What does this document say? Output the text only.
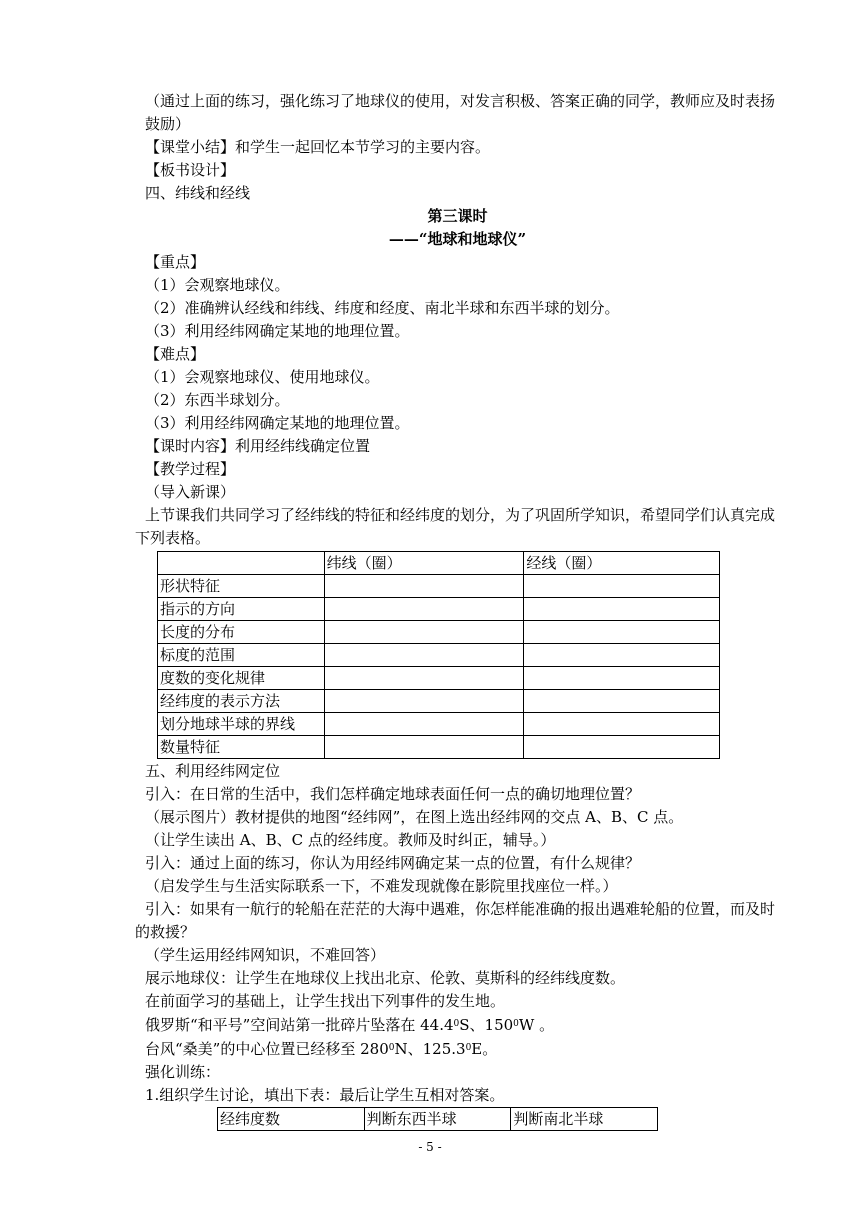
（通过上面的练习，强化练习了地球仪的使用，对发言积极、答案正确的同学，教师应及时表扬鼓励）

【课堂小结】和学生一起回忆本节学习的主要内容。

【板书设计】

四、纬线和经线

第三课时

——“地球和地球仪”

【重点】

（1）会观察地球仪。

（2）准确辨认经线和纬线、纬度和经度、南北半球和东西半球的划分。

（3）利用经纬网确定某地的地理位置。

【难点】

（1）会观察地球仪、使用地球仪。

（2）东西半球划分。

（3）利用经纬网确定某地的地理位置。

【课时内容】利用经纬线确定位置

【教学过程】

（导入新课）

上节课我们共同学习了经纬线的特征和经纬度的划分，为了巩固所学知识，希望同学们认真完成下列表格。

	纬线（圈）	经线（圈）
形状特征		
指示的方向		
长度的分布		
标度的范围		
度数的变化规律		
经纬度的表示方法		
划分地球半球的界线		
数量特征		

五、利用经纬网定位

引入：在日常的生活中，我们怎样确定地球表面任何一点的确切地理位置？

（展示图片）教材提供的地图“经纬网”，在图上选出经纬网的交点 A、B、C 点。

（让学生读出 A、B、C 点的经纬度。教师及时纠正，辅导。）

引入：通过上面的练习，你认为用经纬网确定某一点的位置，有什么规律？

（启发学生与生活实际联系一下，不难发现就像在影院里找座位一样。）

引入：如果有一航行的轮船在茫茫的大海中遇难，你怎样能准确的报出遇难轮船的位置，而及时的救援？

（学生运用经纬网知识，不难回答）

展示地球仪：让学生在地球仪上找出北京、伦敦、莫斯科的经纬线度数。

在前面学习的基础上，让学生找出下列事件的发生地。

俄罗斯“和平号”空间站第一批碎片坠落在 44.4$^0$S、$150^0W$ 。

台风“桑美”的中心位置已经移至 $280^0N$、125.3$^0$E。

强化训练：

1.组织学生讨论，填出下表：最后让学生互相对答案。

经纬度数	判断东西半球	判断南北半球
- 5 -
